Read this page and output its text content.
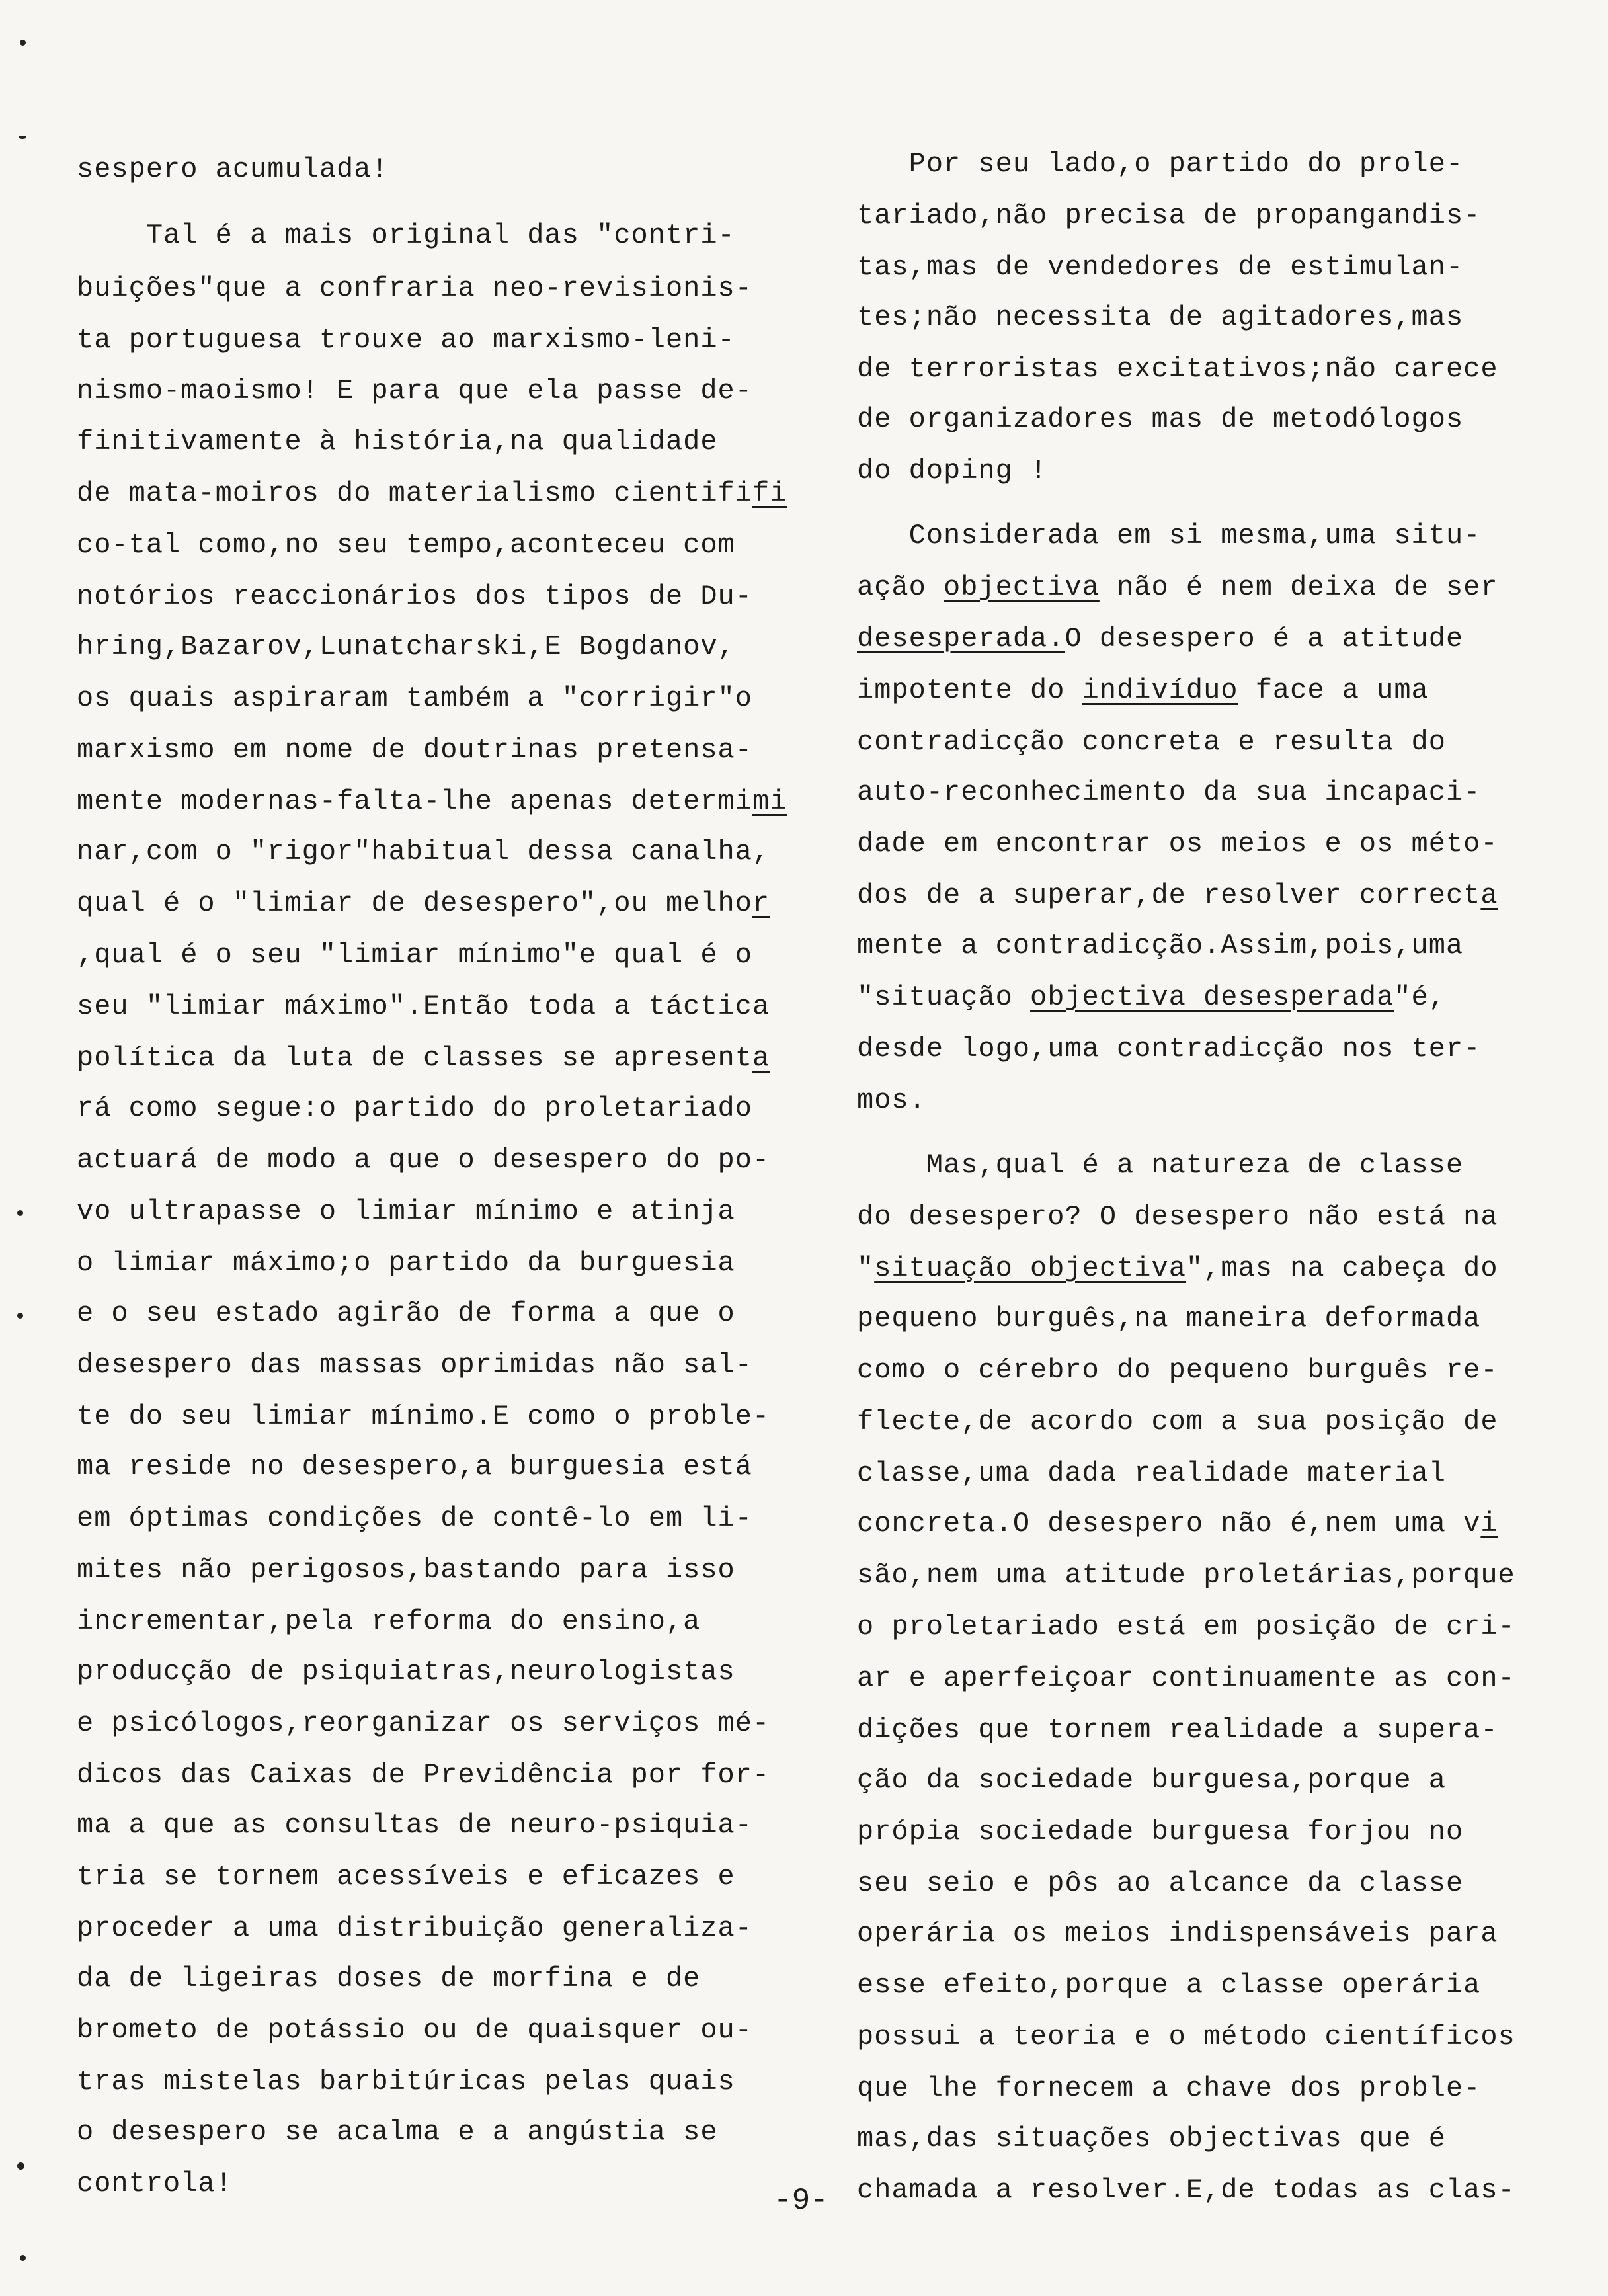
sespero acumulada!
Tal é a mais original das "contri-
buições"que a confraria neo-revisionis-
ta portuguesa trouxe ao marxismo-leni-
nismo-maoismo! E para que ela passe de-
finitivamente à história,na qualidade
de mata-moiros do materialismo cientififi
co-tal como,no seu tempo,aconteceu com
notórios reaccionários dos tipos de Du-
hring,Bazarov,Lunatcharski,E Bogdanov,
os quais aspiraram também a "corrigir"o
marxismo em nome de doutrinas pretensa-
mente modernas-falta-lhe apenas determimi
nar,com o "rigor"habitual dessa canalha,
qual é o "limiar de desespero",ou melhor
,qual é o seu "limiar mínimo"e qual é o
seu "limiar máximo".Então toda a táctica
política da luta de classes se apresenta
rá como segue:o partido do proletariado
actuará de modo a que o desespero do po-
vo ultrapasse o limiar mínimo e atinja
o limiar máximo;o partido da burguesia
e o seu estado agirão de forma a que o
desespero das massas oprimidas não sal-
te do seu limiar mínimo.E como o proble-
ma reside no desespero,a burguesia está
em óptimas condições de contê-lo em li-
mites não perigosos,bastando para isso
incrementar,pela reforma do ensino,a
producção de psiquiatras,neurologistas
e psicólogos,reorganizar os serviços mé-
dicos das Caixas de Previdência por for-
ma a que as consultas de neuro-psiquia-
tria se tornem acessíveis e eficazes e
proceder a uma distribuição generaliza-
da de ligeiras doses de morfina e de
brometo de potássio ou de quaisquer ou-
tras mistelas barbitúricas pelas quais
o desespero se acalma e a angústia se
controla!
Por seu lado,o partido do prole-
tariado,não precisa de propangandis-
tas,mas de vendedores de estimulan-
tes;não necessita de agitadores,mas
de terroristas excitativos;não carece
de organizadores mas de metodólogos
do doping !
Considerada em si mesma,uma situ-
ação objectiva não é nem deixa de ser
desesperada.O desespero é a atitude
impotente do indivíduo face a uma
contradicção concreta e resulta do
auto-reconhecimento da sua incapaci-
dade em encontrar os meios e os méto-
dos de a superar,de resolver correcta
mente a contradicção.Assim,pois,uma
"situação objectiva desesperada"é,
desde logo,uma contradicção nos ter-
mos.
Mas,qual é a natureza de classe
do desespero? O desespero não está na
"situação objectiva",mas na cabeça do
pequeno burguês,na maneira deformada
como o cérebro do pequeno burguês re-
flecte,de acordo com a sua posição de
classe,uma dada realidade material
concreta.O desespero não é,nem uma vi
são,nem uma atitude proletárias,porque
o proletariado está em posição de cri-
ar e aperfeiçoar continuamente as con-
dições que tornem realidade a supera-
ção da sociedade burguesa,porque a
própia sociedade burguesa forjou no
seu seio e pôs ao alcance da classe
operária os meios indispensáveis para
esse efeito,porque a classe operária
possui a teoria e o método científicos
que lhe fornecem a chave dos proble-
mas,das situações objectivas que é
chamada a resolver.E,de todas as clas-
-9-
